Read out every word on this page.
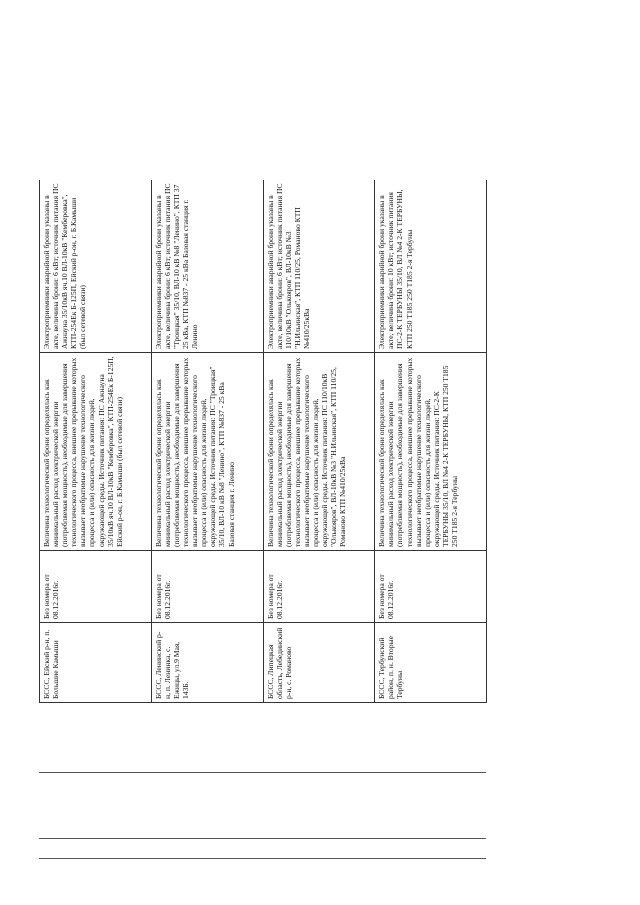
БССС, Ейский р-н, п. Большие Камыши	Без номера от 08.12.2016г.	Величина технологической брони определялась как минимальный расход электрической энергии (потребляемая мощность), необходимые для завершения технологического процесса, внешнее прерывание которых вызывает необратимые нарушение технологического процесса и (или) опасность для жизни людей, окружающей среды. Источник питания: ПС Ажнауна 35/10кВ яч.10 ВЛ-10кВ "Кемберовка", КТП-254Ек Б-125П, Ейский р-он, г. Б.Камыши (был сетевой связи)	Электроприемники аварийной брони указаны в акте, величина брони: 6 кВт; источник питания ПС Ажнауна 35/10кВ яч.10 ВЛ-10кВ "Кемберовка", КТП-254Ек Б-125П, Ейский р-он, г. Б.Камыши (был сетевой связи)
БССС, Ленинский р-н, п. Ленинка, с. Ежицы, ул.9 Мая, 143Б.	Без номера от 08.12.2016г.	Величина технологической брони определялась как минимальный расход электрической энергии (потребляемая мощность), необходимые для завершения технологического процесса, внешнее прерывание которых вызывает необратимые нарушение технологического процесса и (или) опасность для жизни людей, окружающей среды. Источник питания: ПС "Троицкая" 35/10, ВЛ-10 кВ №8 "Ленино", КТП №837 - 25 кВа Базовая станция г. Ленино	Электроприемники аварийной брони указаны в акте, величина брони: 6 кВт; источник питания ПС "Троицкая" 35/10, ВЛ-10 кВ №8 "Ленино", КТП 37 25 кВа, КТП №837 - 25 кВа Базовая станция г. Ленино
БССС, Липецкая область, Лебединский р-н, с. Романово	Без номера от 08.12.2016г.	Величина технологической брони определялась как минимальный расход электрической энергии (потребляемая мощность), необходимые для завершения технологического процесса, внешнее прерывание которых вызывает необратимые нарушение технологического процесса и (или) опасность для жизни людей, окружающей среды. Источник питания: ПС 110/10кВ "Олькояров", ВЛ-10кВ №3 "Н.Ильинская", КТП 110/25, Романово КТП №410/25кВа	Электроприемники аварийной брони указаны в акте, величина брони: 6 кВт; источник питания ПС 110/10кВ "Олькояров", ВЛ-10кВ №3 "Н.Ильинская", КТП 110/25, Романово КТП №410/25кВа
БССС, Тербунский район, п. н. Вторые Тербуны	Без номера от 08.12.2016г.	Величина технологической брони определялась как минимальный расход электрической энергии (потребляемая мощность), необходимые для завершения технологического процесса, внешнее прерывание которых вызывает необратимые нарушение технологического процесса и (или) опасность для жизни людей, окружающей среды. Источник питания: ПС-2-К ТЕРБУНЫ 35/10, ВЛ №4 2-К ТЕРБУНЫ, КТП 250 Т185 250 Т185 2-я Тербуны	Электроприемники аварийной брони указаны в акте, величина брони: 10 кВт; источник питания ПС-2-К ТЕРБУНЫ 35/10, ВЛ №4 2-К ТЕРБУНЫ, КТП 250 Т185 250 Т185 2-я Тербуны
